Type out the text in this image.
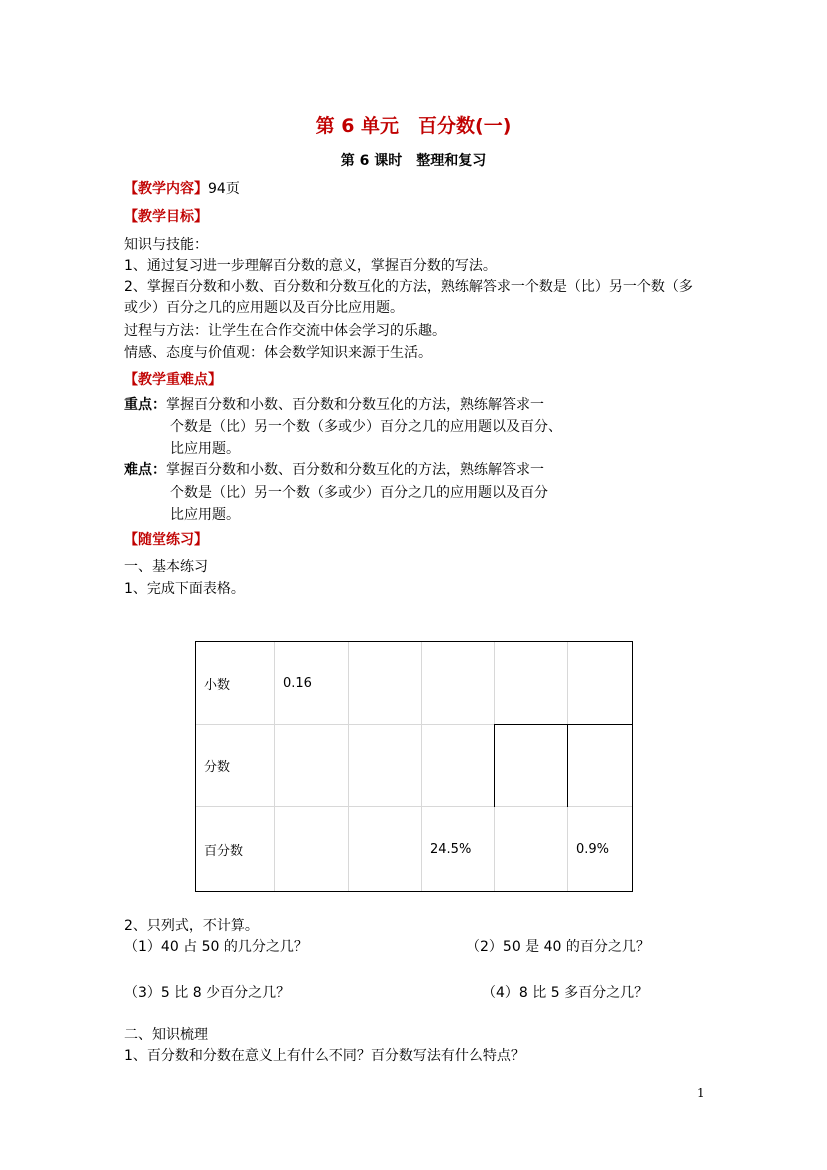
第 6 单元　百分数(一)
第 6 课时　整理和复习
【教学内容】94页
【教学目标】
知识与技能：
1、通过复习进一步理解百分数的意义，掌握百分数的写法。
2、掌握百分数和小数、百分数和分数互化的方法，熟练解答求一个数是（比）另一个数（多
或少）百分之几的应用题以及百分比应用题。
过程与方法：让学生在合作交流中体会学习的乐趣。
情感、态度与价值观：体会数学知识来源于生活。
【教学重难点】
重点：掌握百分数和小数、百分数和分数互化的方法，熟练解答求一
个数是（比）另一个数（多或少）百分之几的应用题以及百分、
比应用题。
难点：掌握百分数和小数、百分数和分数互化的方法，熟练解答求一
个数是（比）另一个数（多或少）百分之几的应用题以及百分
比应用题。
【随堂练习】
一、基本练习
1、完成下面表格。
小数	0.16				
分数					
百分数			24.5%		0.9%
2、只列式，不计算。
（1）40 占 50 的几分之几？	（2）50 是 40 的百分之几？
（3）5 比 8 少百分之几？	（4）8 比 5 多百分之几？
二、知识梳理
1、百分数和分数在意义上有什么不同？百分数写法有什么特点？
1
